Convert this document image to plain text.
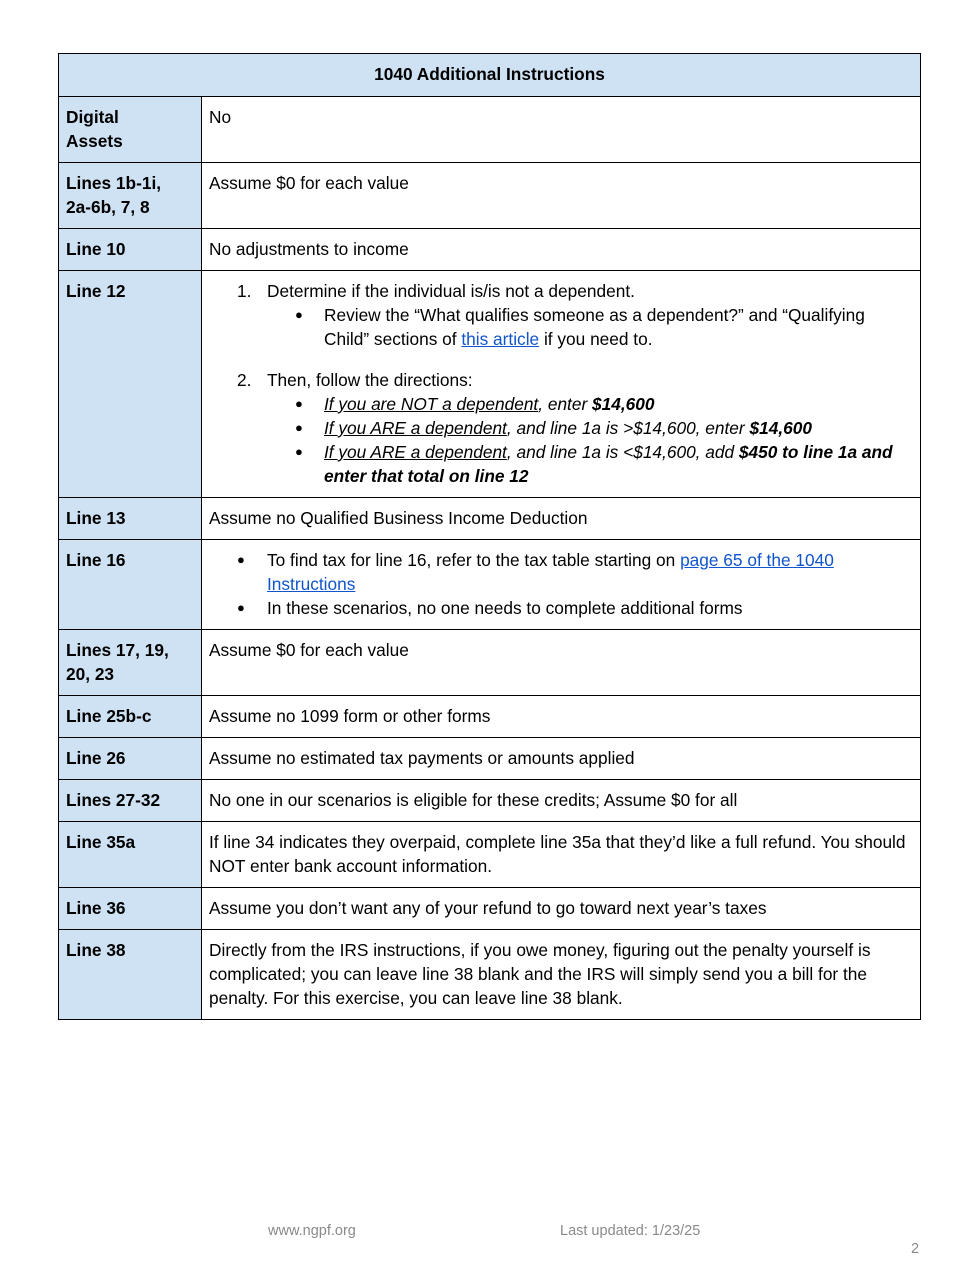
1040 Additional Instructions	
Digital
Assets	No
Lines 1b-1i,
2a-6b, 7, 8	Assume $0 for each value
Line 10	No adjustments to income
Line 12	1. Determine if the individual is/is not a dependent.
● Review the “What qualifies someone as a dependent?” and “Qualifying Child” sections of this article if you need to.
2. Then, follow the directions:
● If you are NOT a dependent, enter $14,600
● If you ARE a dependent, and line 1a is >$14,600, enter $14,600
● If you ARE a dependent, and line 1a is <$14,600, add $450 to line 1a and enter that total on line 12

Line 13	Assume no Qualified Business Income Deduction
Line 16	● To find tax for line 16, refer to the tax table starting on page 65 of the 1040 Instructions
● In these scenarios, no one needs to complete additional forms

Lines 17, 19,
20, 23	Assume $0 for each value
Line 25b-c	Assume no 1099 form or other forms
Line 26	Assume no estimated tax payments or amounts applied
Lines 27-32	No one in our scenarios is eligible for these credits; Assume $0 for all
Line 35a	If line 34 indicates they overpaid, complete line 35a that they’d like a full refund. You should NOT enter bank account information.
Line 36	Assume you don’t want any of your refund to go toward next year’s taxes
Line 38	Directly from the IRS instructions, if you owe money, figuring out the penalty yourself is complicated; you can leave line 38 blank and the IRS will simply send you a bill for the penalty. For this exercise, you can leave line 38 blank.
www.ngpf.org	Last updated: 1/23/25
2
